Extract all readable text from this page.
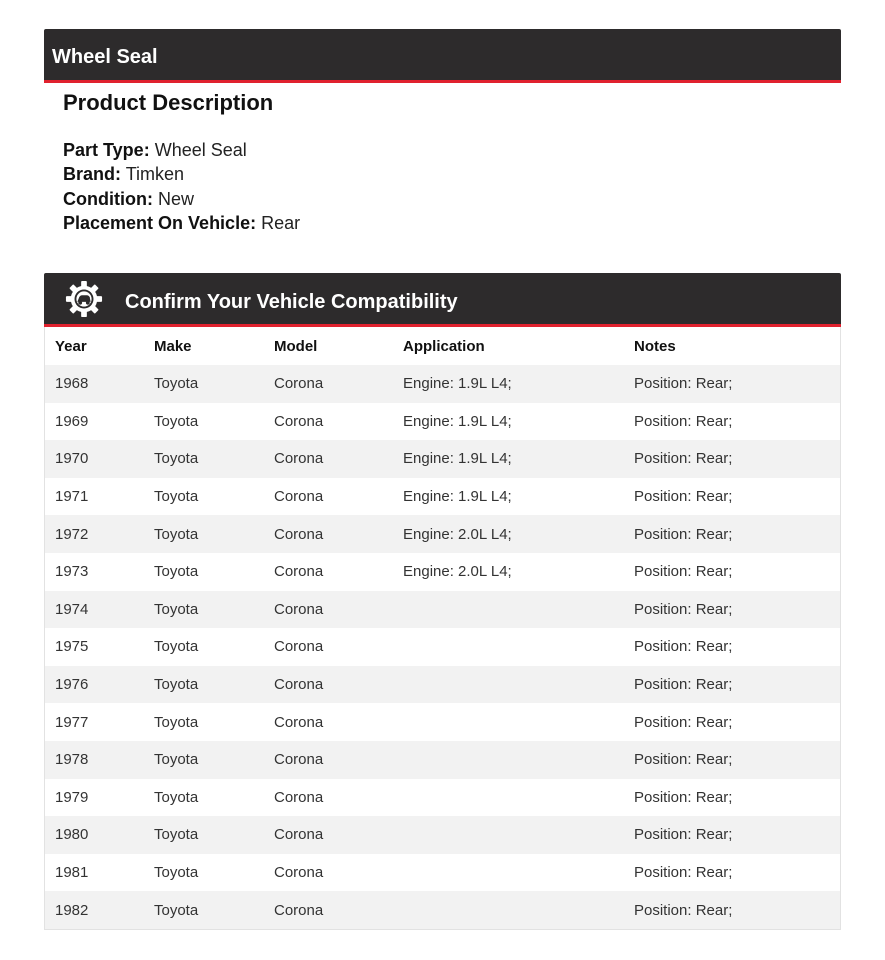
Wheel Seal
Product Description
Part Type: Wheel Seal
Brand: Timken
Condition: New
Placement On Vehicle: Rear
Confirm Your Vehicle Compatibility
Year	Make	Model	Application	Notes
1968	Toyota	Corona	Engine: 1.9L L4;	Position: Rear;
1969	Toyota	Corona	Engine: 1.9L L4;	Position: Rear;
1970	Toyota	Corona	Engine: 1.9L L4;	Position: Rear;
1971	Toyota	Corona	Engine: 1.9L L4;	Position: Rear;
1972	Toyota	Corona	Engine: 2.0L L4;	Position: Rear;
1973	Toyota	Corona	Engine: 2.0L L4;	Position: Rear;
1974	Toyota	Corona		Position: Rear;
1975	Toyota	Corona		Position: Rear;
1976	Toyota	Corona		Position: Rear;
1977	Toyota	Corona		Position: Rear;
1978	Toyota	Corona		Position: Rear;
1979	Toyota	Corona		Position: Rear;
1980	Toyota	Corona		Position: Rear;
1981	Toyota	Corona		Position: Rear;
1982	Toyota	Corona		Position: Rear;
